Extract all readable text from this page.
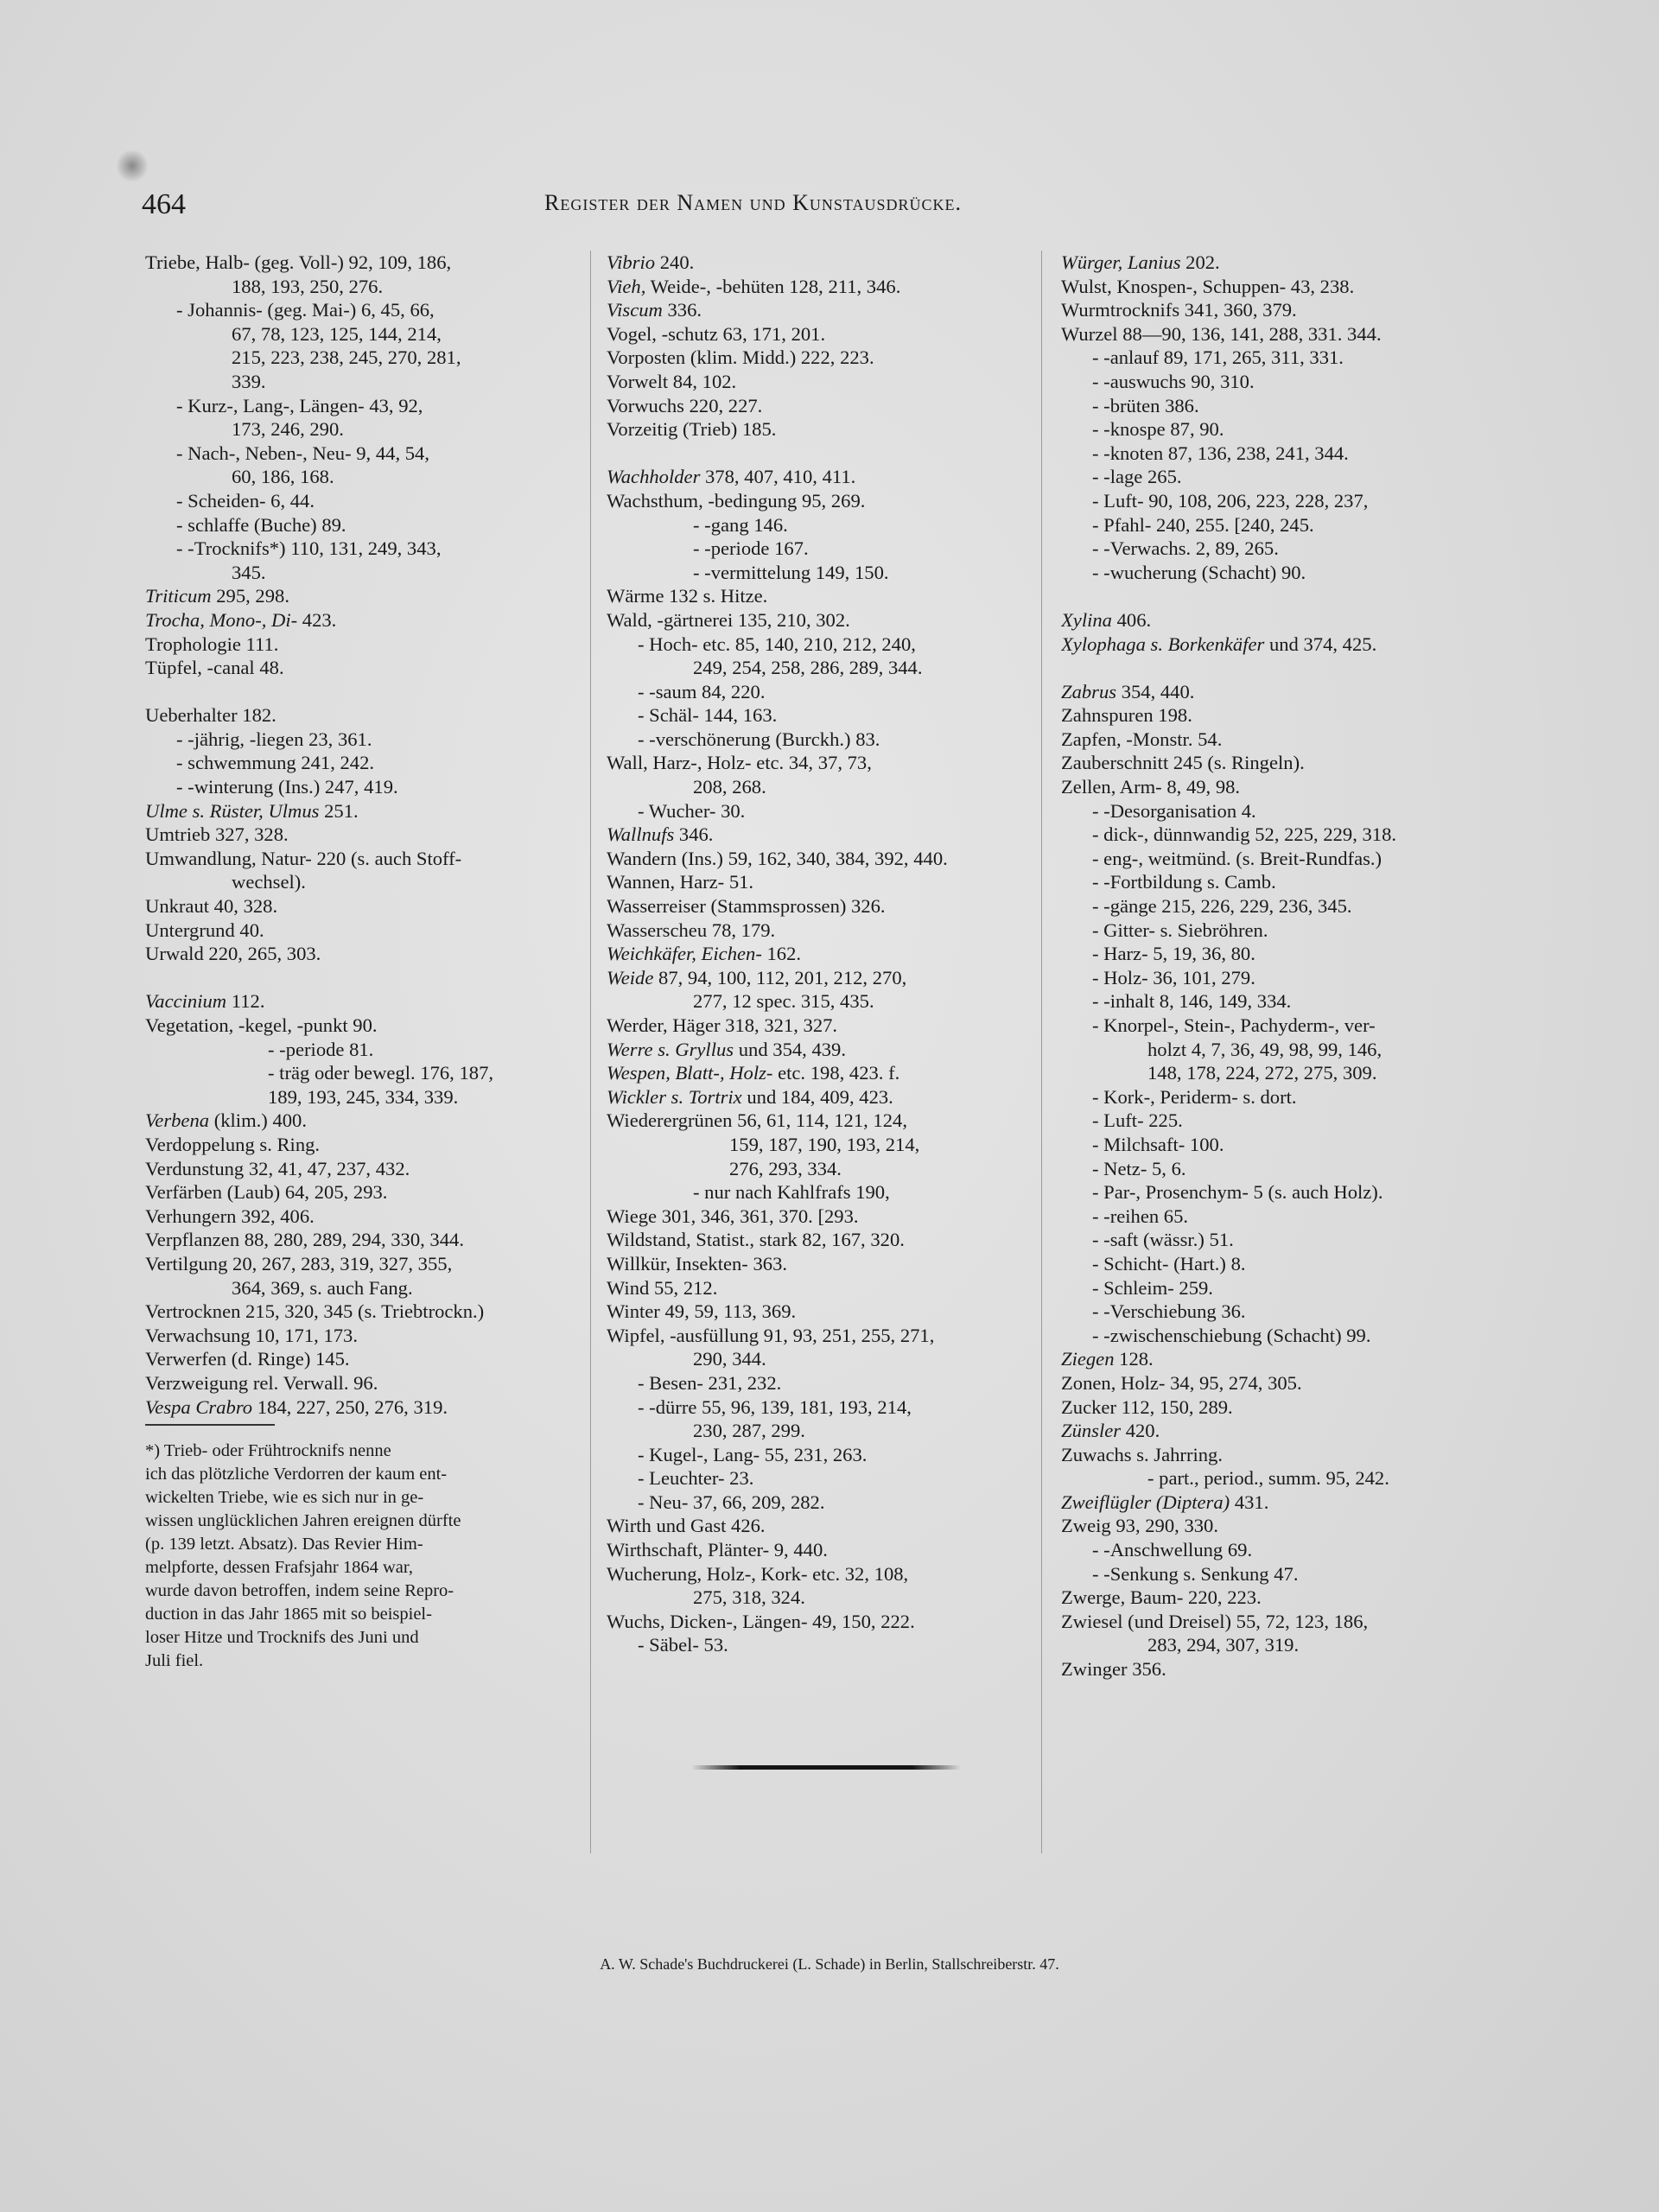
464	Register der Namen und Kunstausdrücke.
Triebe, Halb- (geg. Voll-) 92, 109, 186,
188, 193, 250, 276.
- Johannis- (geg. Mai-) 6, 45, 66,
67, 78, 123, 125, 144, 214,
215, 223, 238, 245, 270, 281,
339.
- Kurz-, Lang-, Längen- 43, 92,
173, 246, 290.
- Nach-, Neben-, Neu- 9, 44, 54,
60, 186, 168.
- Scheiden- 6, 44.
- schlaffe (Buche) 89.
- -Trocknifs*) 110, 131, 249, 343,
345.
Triticum 295, 298.
Trocha, Mono-, Di- 423.
Trophologie 111.
Tüpfel, -canal 48.
Ueberhalter 182.
- -jährig, -liegen 23, 361.
- schwemmung 241, 242.
- -winterung (Ins.) 247, 419.
Ulme s. Rüster, Ulmus 251.
Umtrieb 327, 328.
Umwandlung, Natur- 220 (s. auch Stoff-
wechsel).
Unkraut 40, 328.
Untergrund 40.
Urwald 220, 265, 303.
Vaccinium 112.
Vegetation, -kegel, -punkt 90.
- -periode 81.
- träg oder bewegl. 176, 187,
189, 193, 245, 334, 339.
Verbena (klim.) 400.
Verdoppelung s. Ring.
Verdunstung 32, 41, 47, 237, 432.
Verfärben (Laub) 64, 205, 293.
Verhungern 392, 406.
Verpflanzen 88, 280, 289, 294, 330, 344.
Vertilgung 20, 267, 283, 319, 327, 355,
364, 369, s. auch Fang.
Vertrocknen 215, 320, 345 (s. Triebtrockn.)
Verwachsung 10, 171, 173.
Verwerfen (d. Ringe) 145.
Verzweigung rel. Verwall. 96.
Vespa Crabro 184, 227, 250, 276, 319.
*) Trieb- oder Frühtrocknifs nenne
ich das plötzliche Verdorren der kaum ent-
wickelten Triebe, wie es sich nur in ge-
wissen unglücklichen Jahren ereignen dürfte
(p. 139 letzt. Absatz). Das Revier Him-
melpforte, dessen Frafsjahr 1864 war,
wurde davon betroffen, indem seine Repro-
duction in das Jahr 1865 mit so beispiel-
loser Hitze und Trocknifs des Juni und
Juli fiel.
Vibrio 240.
Vieh, Weide-, -behüten 128, 211, 346.
Viscum 336.
Vogel, -schutz 63, 171, 201.
Vorposten (klim. Midd.) 222, 223.
Vorwelt 84, 102.
Vorwuchs 220, 227.
Vorzeitig (Trieb) 185.
Wachholder 378, 407, 410, 411.
Wachsthum, -bedingung 95, 269.
- -gang 146.
- -periode 167.
- -vermittelung 149, 150.
Wärme 132 s. Hitze.
Wald, -gärtnerei 135, 210, 302.
- Hoch- etc. 85, 140, 210, 212, 240,
249, 254, 258, 286, 289, 344.
- -saum 84, 220.
- Schäl- 144, 163.
- -verschönerung (Burckh.) 83.
Wall, Harz-, Holz- etc. 34, 37, 73,
208, 268.
- Wucher- 30.
Wallnufs 346.
Wandern (Ins.) 59, 162, 340, 384, 392, 440.
Wannen, Harz- 51.
Wasserreiser (Stammsprossen) 326.
Wasserscheu 78, 179.
Weichkäfer, Eichen- 162.
Weide 87, 94, 100, 112, 201, 212, 270,
277, 12 spec. 315, 435.
Werder, Häger 318, 321, 327.
Werre s. Gryllus und 354, 439.
Wespen, Blatt-, Holz- etc. 198, 423. f.
Wickler s. Tortrix und 184, 409, 423.
Wiederergrünen 56, 61, 114, 121, 124,
159, 187, 190, 193, 214,
276, 293, 334.
- nur nach Kahlfrafs 190,
Wiege 301, 346, 361, 370. [293.
Wildstand, Statist., stark 82, 167, 320.
Willkür, Insekten- 363.
Wind 55, 212.
Winter 49, 59, 113, 369.
Wipfel, -ausfüllung 91, 93, 251, 255, 271,
290, 344.
- Besen- 231, 232.
- -dürre 55, 96, 139, 181, 193, 214,
230, 287, 299.
- Kugel-, Lang- 55, 231, 263.
- Leuchter- 23.
- Neu- 37, 66, 209, 282.
Wirth und Gast 426.
Wirthschaft, Plänter- 9, 440.
Wucherung, Holz-, Kork- etc. 32, 108,
275, 318, 324.
Wuchs, Dicken-, Längen- 49, 150, 222.
- Säbel- 53.
Würger, Lanius 202.
Wulst, Knospen-, Schuppen- 43, 238.
Wurmtrocknifs 341, 360, 379.
Wurzel 88—90, 136, 141, 288, 331. 344.
- -anlauf 89, 171, 265, 311, 331.
- -auswuchs 90, 310.
- -brüten 386.
- -knospe 87, 90.
- -knoten 87, 136, 238, 241, 344.
- -lage 265.
- Luft- 90, 108, 206, 223, 228, 237,
- Pfahl- 240, 255. [240, 245.
- -Verwachs. 2, 89, 265.
- -wucherung (Schacht) 90.
Xylina 406.
Xylophaga s. Borkenkäfer und 374, 425.
Zabrus 354, 440.
Zahnspuren 198.
Zapfen, -Monstr. 54.
Zauberschnitt 245 (s. Ringeln).
Zellen, Arm- 8, 49, 98.
- -Desorganisation 4.
- dick-, dünnwandig 52, 225, 229, 318.
- eng-, weitmünd. (s. Breit-Rundfas.)
- -Fortbildung s. Camb.
- -gänge 215, 226, 229, 236, 345.
- Gitter- s. Siebröhren.
- Harz- 5, 19, 36, 80.
- Holz- 36, 101, 279.
- -inhalt 8, 146, 149, 334.
- Knorpel-, Stein-, Pachyderm-, ver-
holzt 4, 7, 36, 49, 98, 99, 146,
148, 178, 224, 272, 275, 309.
- Kork-, Periderm- s. dort.
- Luft- 225.
- Milchsaft- 100.
- Netz- 5, 6.
- Par-, Prosenchym- 5 (s. auch Holz).
- -reihen 65.
- -saft (wässr.) 51.
- Schicht- (Hart.) 8.
- Schleim- 259.
- -Verschiebung 36.
- -zwischenschiebung (Schacht) 99.
Ziegen 128.
Zonen, Holz- 34, 95, 274, 305.
Zucker 112, 150, 289.
Zünsler 420.
Zuwachs s. Jahrring.
- part., period., summ. 95, 242.
Zweiflügler (Diptera) 431.
Zweig 93, 290, 330.
- -Anschwellung 69.
- -Senkung s. Senkung 47.
Zwerge, Baum- 220, 223.
Zwiesel (und Dreisel) 55, 72, 123, 186,
283, 294, 307, 319.
Zwinger 356.
A. W. Schade's Buchdruckerei (L. Schade) in Berlin, Stallschreiberstr. 47.
